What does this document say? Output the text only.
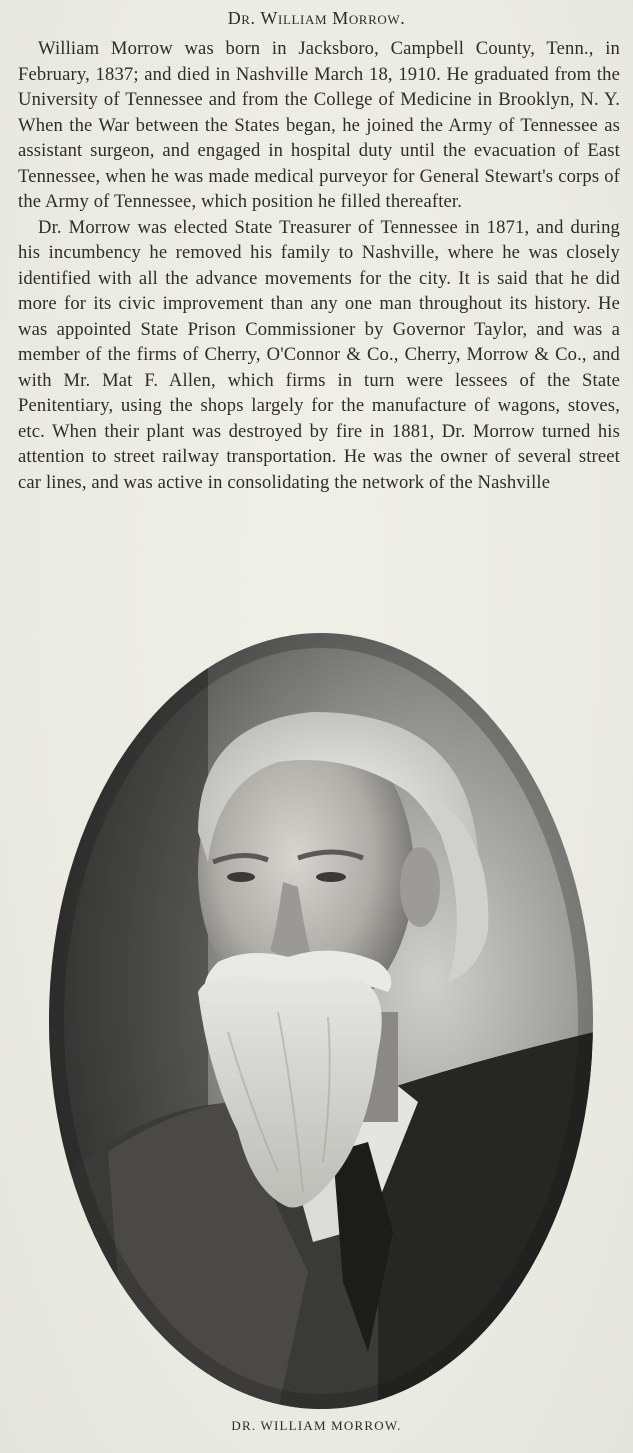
Dr. William Morrow.

William Morrow was born in Jacksboro, Campbell County, Tenn., in February, 1837; and died in Nashville March 18, 1910. He graduated from the University of Tennessee and from the College of Medicine in Brooklyn, N. Y. When the War between the States began, he joined the Army of Tennessee as assistant surgeon, and engaged in hospital duty until the evacuation of East Tennessee, when he was made medical purveyor for General Stewart's corps of the Army of Tennessee, which position he filled thereafter.

Dr. Morrow was elected State Treasurer of Tennessee in 1871, and during his incumbency he removed his family to Nashville, where he was closely identified with all the advance movements for the city. It is said that he did more for its civic improvement than any one man throughout its history. He was appointed State Prison Commissioner by Governor Taylor, and was a member of the firms of Cherry, O'Connor & Co., Cherry, Morrow & Co., and with Mr. Mat F. Allen, which firms in turn were lessees of the State Penitentiary, using the shops largely for the manufacture of wagons, stoves, etc. When their plant was destroyed by fire in 1881, Dr. Morrow turned his attention to street railway transportation. He was the owner of several street car lines, and was active in consolidating the network of the Nashville

DR. WILLIAM MORROW.
